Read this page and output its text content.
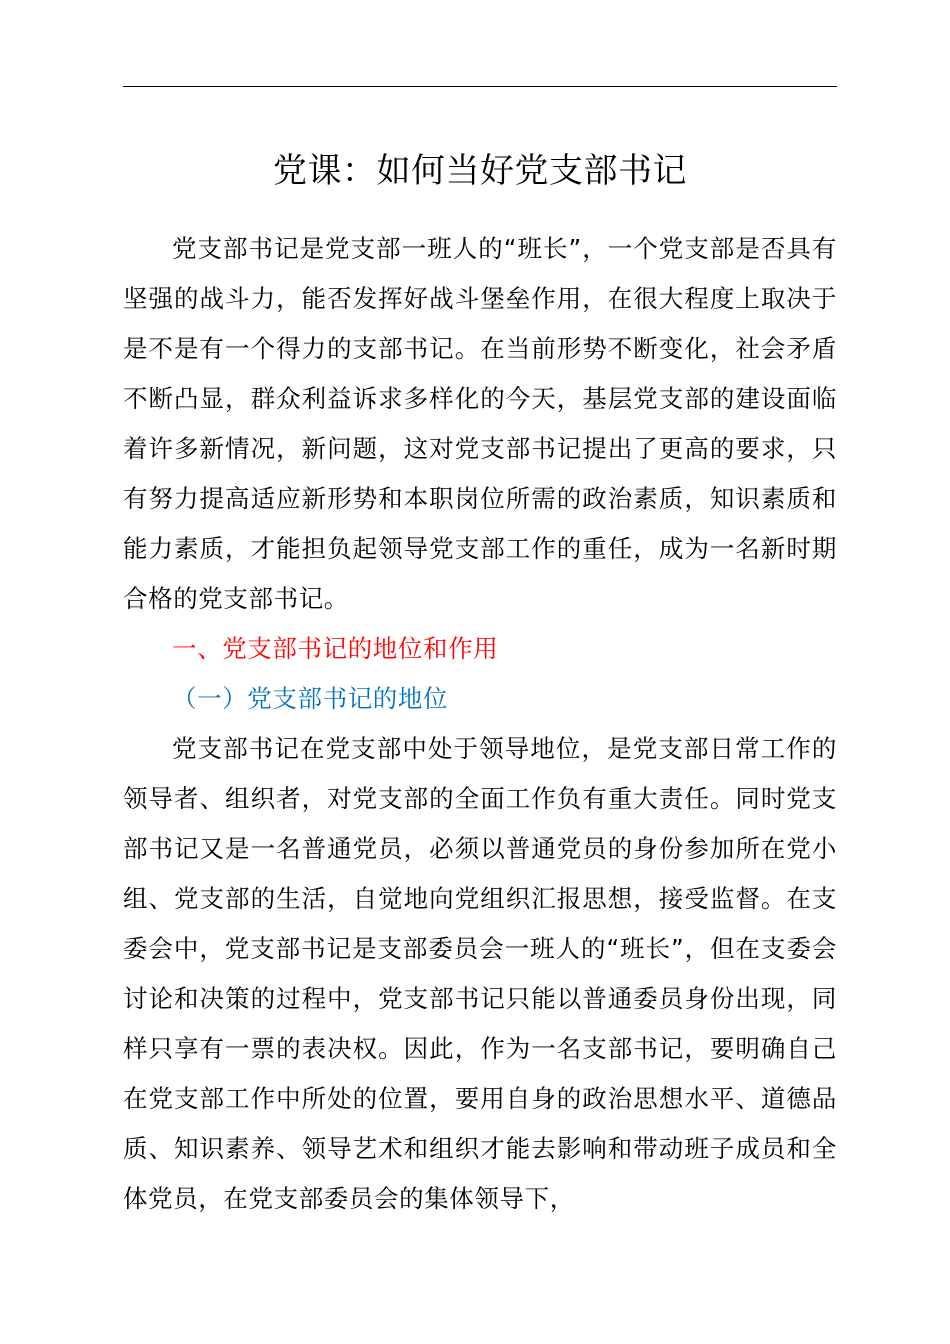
党课：如何当好党支部书记

党支部书记是党支部一班人的“班长”，一个党支部是否具有坚强的战斗力，能否发挥好战斗堡垒作用，在很大程度上取决于是不是有一个得力的支部书记。在当前形势不断变化，社会矛盾不断凸显，群众利益诉求多样化的今天，基层党支部的建设面临着许多新情况，新问题，这对党支部书记提出了更高的要求，只有努力提高适应新形势和本职岗位所需的政治素质，知识素质和能力素质，才能担负起领导党支部工作的重任，成为一名新时期合格的党支部书记。

一、党支部书记的地位和作用

（一）党支部书记的地位

党支部书记在党支部中处于领导地位，是党支部日常工作的领导者、组织者，对党支部的全面工作负有重大责任。同时党支部书记又是一名普通党员，必须以普通党员的身份参加所在党小组、党支部的生活，自觉地向党组织汇报思想，接受监督。在支委会中，党支部书记是支部委员会一班人的“班长”，但在支委会讨论和决策的过程中，党支部书记只能以普通委员身份出现，同样只享有一票的表决权。因此，作为一名支部书记，要明确自己在党支部工作中所处的位置，要用自身的政治思想水平、道德品质、知识素养、领导艺术和组织才能去影响和带动班子成员和全体党员，在党支部委员会的集体领导下，
